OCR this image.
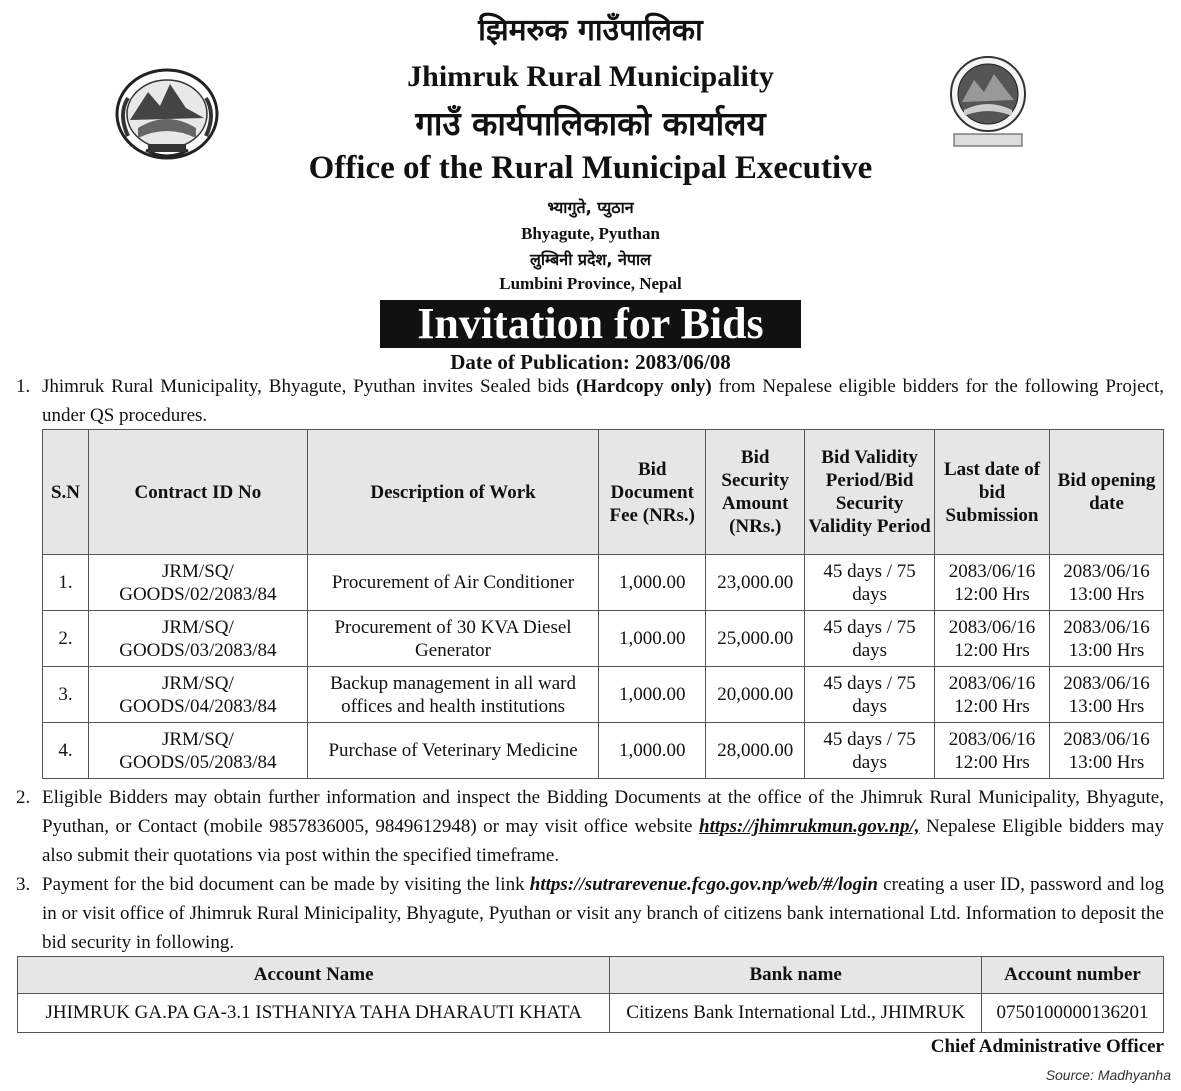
झिमरुक गाउँपालिका
Jhimruk Rural Municipality
गाउँ कार्यपालिकाको कार्यालय
Office of the Rural Municipal Executive
भ्यागुते, प्युठान
Bhyagute, Pyuthan
लुम्बिनी प्रदेश, नेपाल
Lumbini Province, Nepal
Invitation for Bids
Date of Publication: 2083/06/08
1. Jhimruk Rural Municipality, Bhyagute, Pyuthan invites Sealed bids (Hardcopy only) from Nepalese eligible bidders for the following Project, under QS procedures.
S.N	Contract ID No	Description of Work	Bid Document Fee (NRs.)	Bid Security Amount (NRs.)	Bid Validity Period/Bid Security Validity Period	Last date of bid Submission	Bid opening date
1.	JRM/SQ/ GOODS/02/2083/84	Procurement of Air Conditioner	1,000.00	23,000.00	45 days / 75 days	2083/06/16 12:00 Hrs	2083/06/16 13:00 Hrs
2.	JRM/SQ/ GOODS/03/2083/84	Procurement of 30 KVA Diesel Generator	1,000.00	25,000.00	45 days / 75 days	2083/06/16 12:00 Hrs	2083/06/16 13:00 Hrs
3.	JRM/SQ/ GOODS/04/2083/84	Backup management in all ward offices and health institutions	1,000.00	20,000.00	45 days / 75 days	2083/06/16 12:00 Hrs	2083/06/16 13:00 Hrs
4.	JRM/SQ/ GOODS/05/2083/84	Purchase of Veterinary Medicine	1,000.00	28,000.00	45 days / 75 days	2083/06/16 12:00 Hrs	2083/06/16 13:00 Hrs
2. Eligible Bidders may obtain further information and inspect the Bidding Documents at the office of the Jhimruk Rural Municipality, Bhyagute, Pyuthan, or Contact (mobile 9857836005, 9849612948) or may visit office website https://jhimrukmun.gov.np/, Nepalese Eligible bidders may also submit their quotations via post within the specified timeframe.
3. Payment for the bid document can be made by visiting the link https://sutrarevenue.fcgo.gov.np/web/#/login creating a user ID, password and log in or visit office of Jhimruk Rural Minicipality, Bhyagute, Pyuthan or visit any branch of citizens bank international Ltd. Information to deposit the bid security in following.
Account Name	Bank name	Account number
JHIMRUK GA.PA GA-3.1 ISTHANIYA TAHA DHARAUTI KHATA	Citizens Bank International Ltd., JHIMRUK	0750100000136201
Chief Administrative Officer
Source: Madhyanha
